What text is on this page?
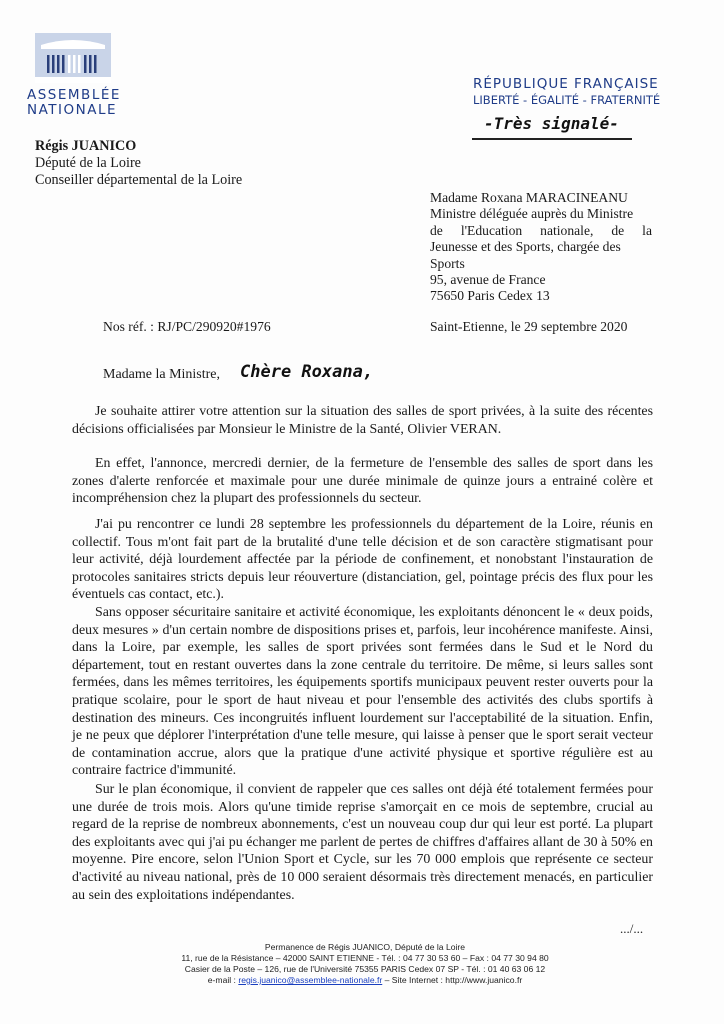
ASSEMBLÉE
NATIONALE
RÉPUBLIQUE FRANÇAISE
LIBERTÉ - ÉGALITÉ - FRATERNITÉ
-Très signalé-
Régis JUANICO
Député de la Loire
Conseiller départemental de la Loire
Madame Roxana MARACINEANU
Ministre déléguée auprès du Ministre
de l'Education nationale, de la
Jeunesse et des Sports, chargée des
Sports
95, avenue de France
75650 Paris Cedex 13
Nos réf. : RJ/PC/290920#1976	Saint-Etienne, le 29 septembre 2020
Madame la Ministre, Chère Roxana,
Je souhaite attirer votre attention sur la situation des salles de sport privées, à la suite des récentes décisions officialisées par Monsieur le Ministre de la Santé, Olivier VERAN.
En effet, l'annonce, mercredi dernier, de la fermeture de l'ensemble des salles de sport dans les zones d'alerte renforcée et maximale pour une durée minimale de quinze jours a entrainé colère et incompréhension chez la plupart des professionnels du secteur.
J'ai pu rencontrer ce lundi 28 septembre les professionnels du département de la Loire, réunis en collectif. Tous m'ont fait part de la brutalité d'une telle décision et de son caractère stigmatisant pour leur activité, déjà lourdement affectée par la période de confinement, et nonobstant l'instauration de protocoles sanitaires stricts depuis leur réouverture (distanciation, gel, pointage précis des flux pour les éventuels cas contact, etc.).
Sans opposer sécuritaire sanitaire et activité économique, les exploitants dénoncent le « deux poids, deux mesures » d'un certain nombre de dispositions prises et, parfois, leur incohérence manifeste. Ainsi, dans la Loire, par exemple, les salles de sport privées sont fermées dans le Sud et le Nord du département, tout en restant ouvertes dans la zone centrale du territoire. De même, si leurs salles sont fermées, dans les mêmes territoires, les équipements sportifs municipaux peuvent rester ouverts pour la pratique scolaire, pour le sport de haut niveau et pour l'ensemble des activités des clubs sportifs à destination des mineurs. Ces incongruités influent lourdement sur l'acceptabilité de la situation. Enfin, je ne peux que déplorer l'interprétation d'une telle mesure, qui laisse à penser que le sport serait vecteur de contamination accrue, alors que la pratique d'une activité physique et sportive régulière est au contraire factrice d'immunité.
Sur le plan économique, il convient de rappeler que ces salles ont déjà été totalement fermées pour une durée de trois mois. Alors qu'une timide reprise s'amorçait en ce mois de septembre, crucial au regard de la reprise de nombreux abonnements, c'est un nouveau coup dur qui leur est porté. La plupart des exploitants avec qui j'ai pu échanger me parlent de pertes de chiffres d'affaires allant de 30 à 50% en moyenne. Pire encore, selon l'Union Sport et Cycle, sur les 70 000 emplois que représente ce secteur d'activité au niveau national, près de 10 000 seraient désormais très directement menacés, en particulier au sein des exploitations indépendantes.
.../...
Permanence de Régis JUANICO, Député de la Loire
11, rue de la Résistance – 42000 SAINT ETIENNE - Tél. : 04 77 30 53 60 – Fax : 04 77 30 94 80
Casier de la Poste – 126, rue de l'Université 75355 PARIS Cedex 07 SP - Tél. : 01 40 63 06 12
e-mail : regis.juanico@assemblee-nationale.fr – Site Internet : http://www.juanico.fr
